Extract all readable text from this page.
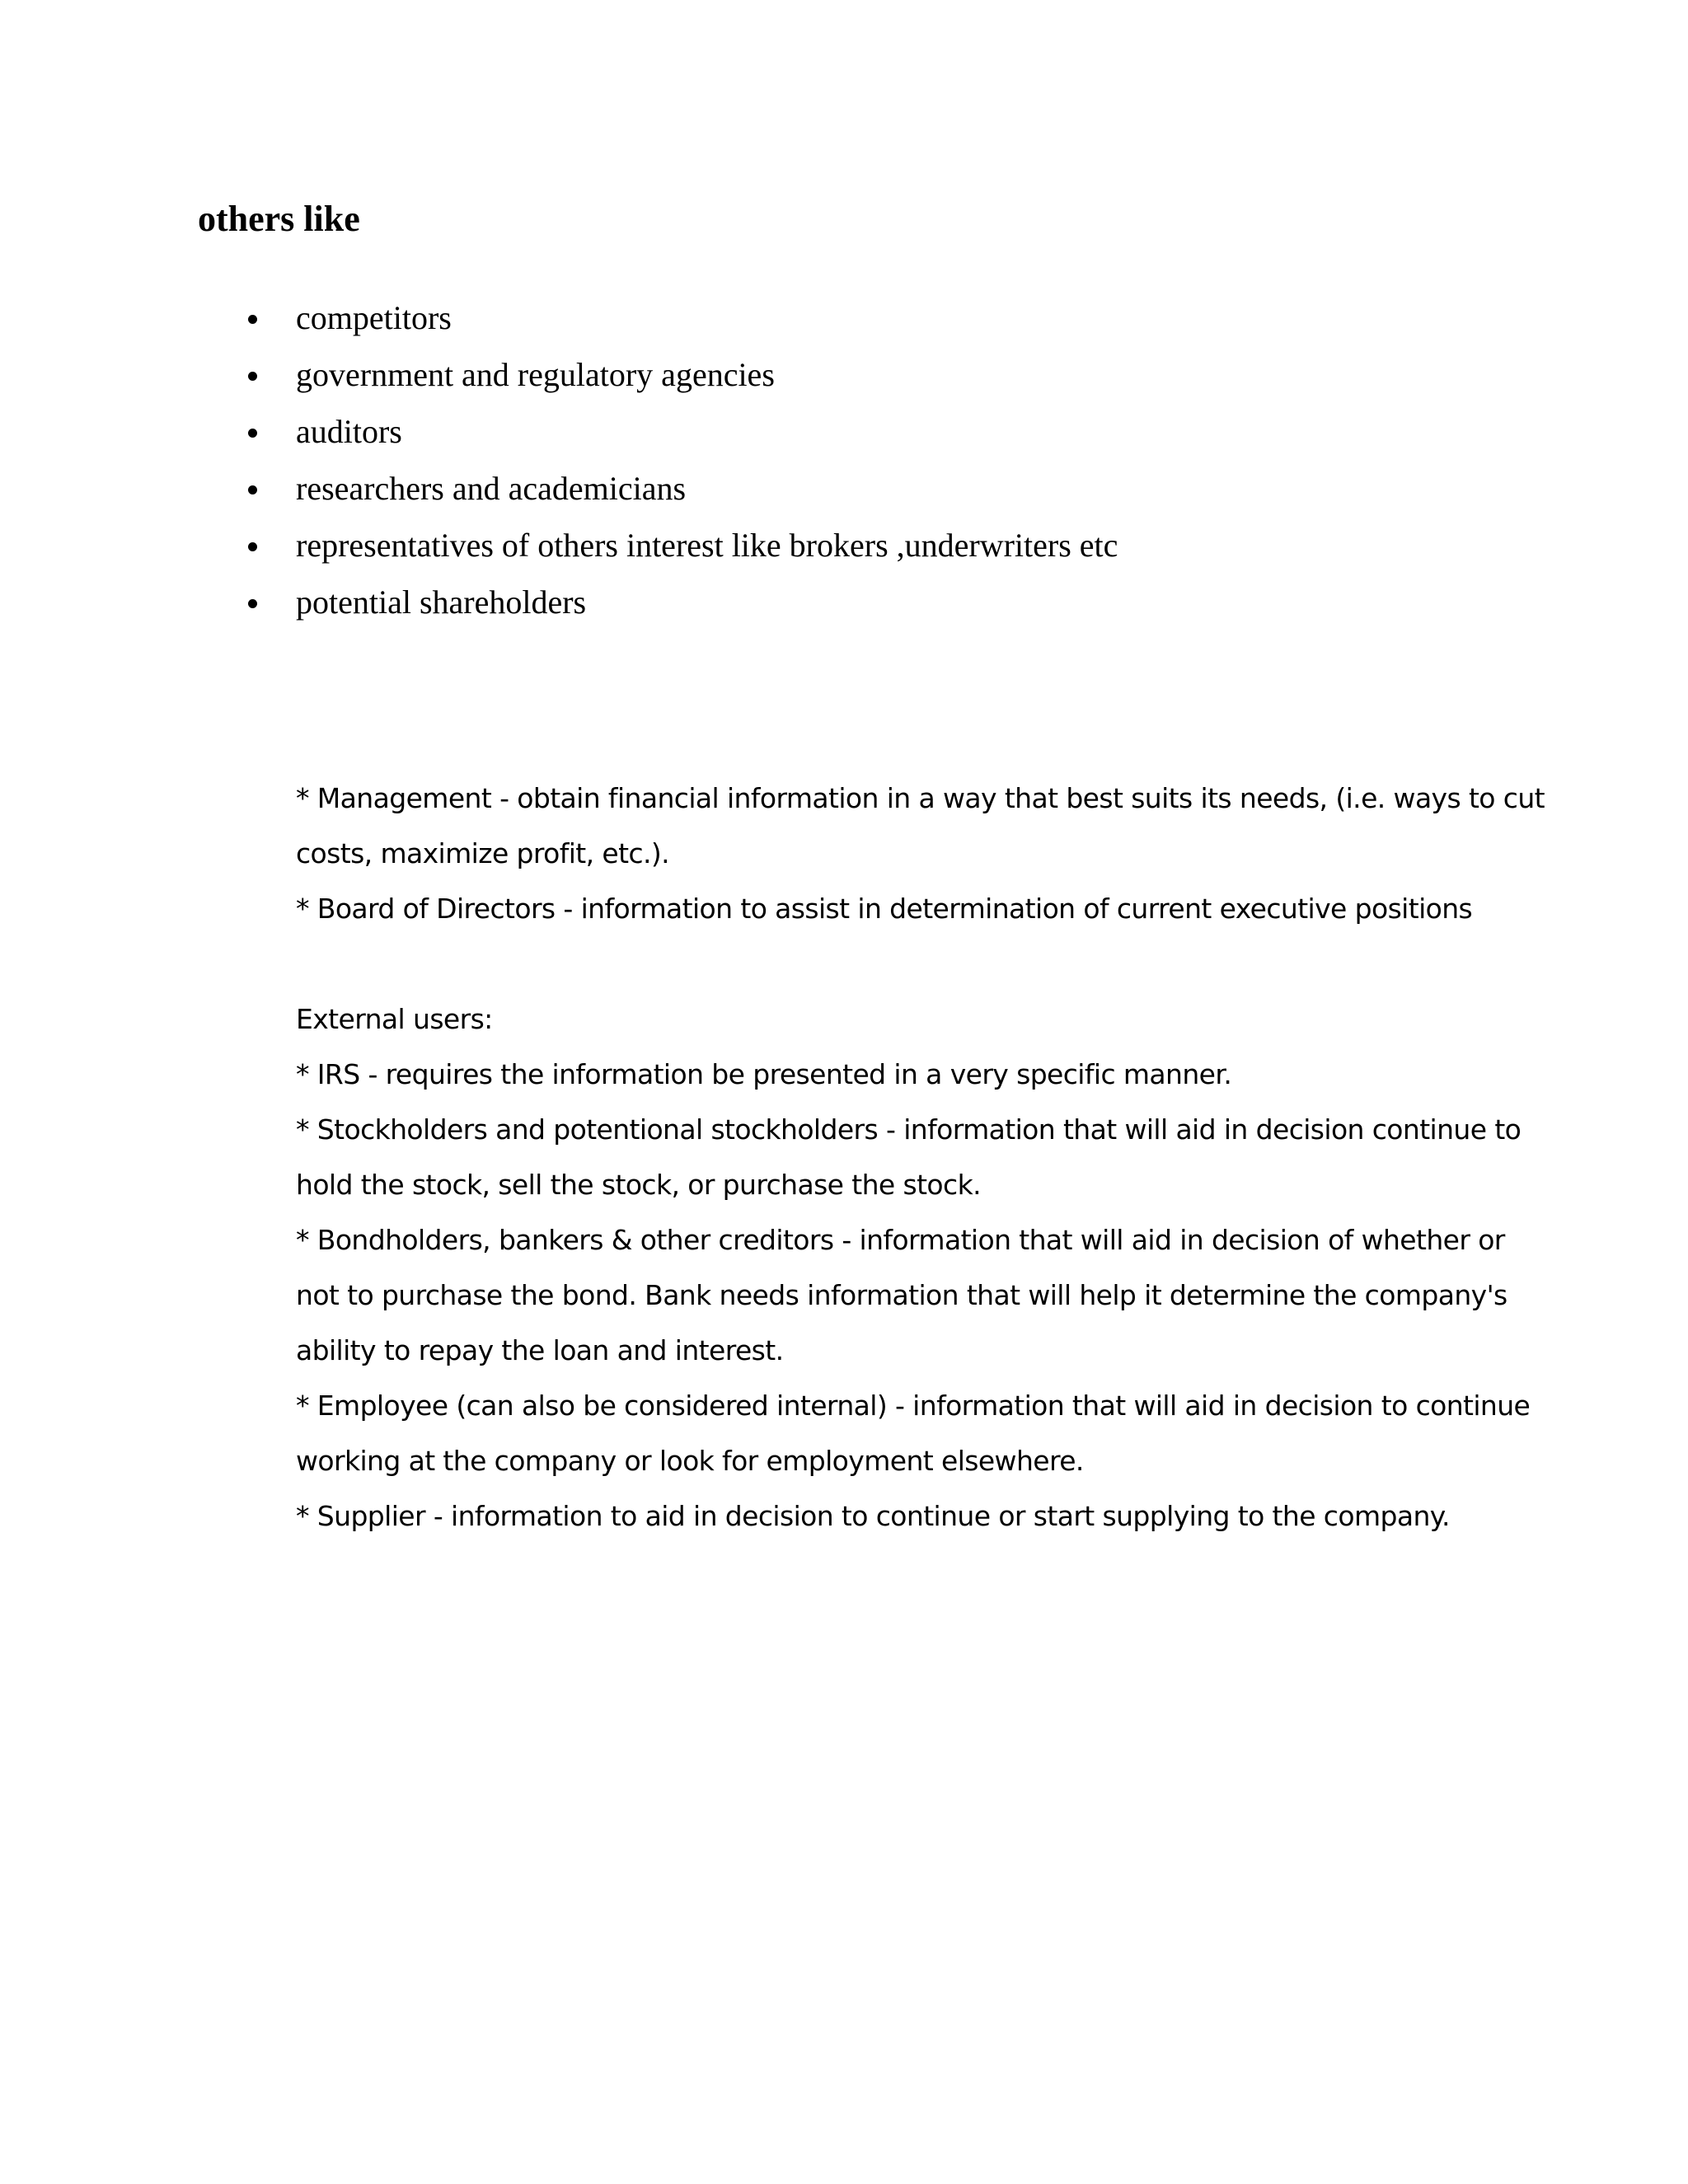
others like
competitors
government and regulatory agencies
auditors
researchers and academicians
representatives of others interest like brokers ,underwriters etc
potential shareholders
* Management - obtain financial information in a way that best suits its needs, (i.e. ways to cut
costs, maximize profit, etc.).
* Board of Directors - information to assist in determination of current executive positions
External users:
* IRS - requires the information be presented in a very specific manner.
* Stockholders and potentional stockholders - information that will aid in decision continue to
hold the stock, sell the stock, or purchase the stock.
* Bondholders, bankers & other creditors - information that will aid in decision of whether or
not to purchase the bond. Bank needs information that will help it determine the company's
ability to repay the loan and interest.
* Employee (can also be considered internal) - information that will aid in decision to continue
working at the company or look for employment elsewhere.
* Supplier - information to aid in decision to continue or start supplying to the company.
